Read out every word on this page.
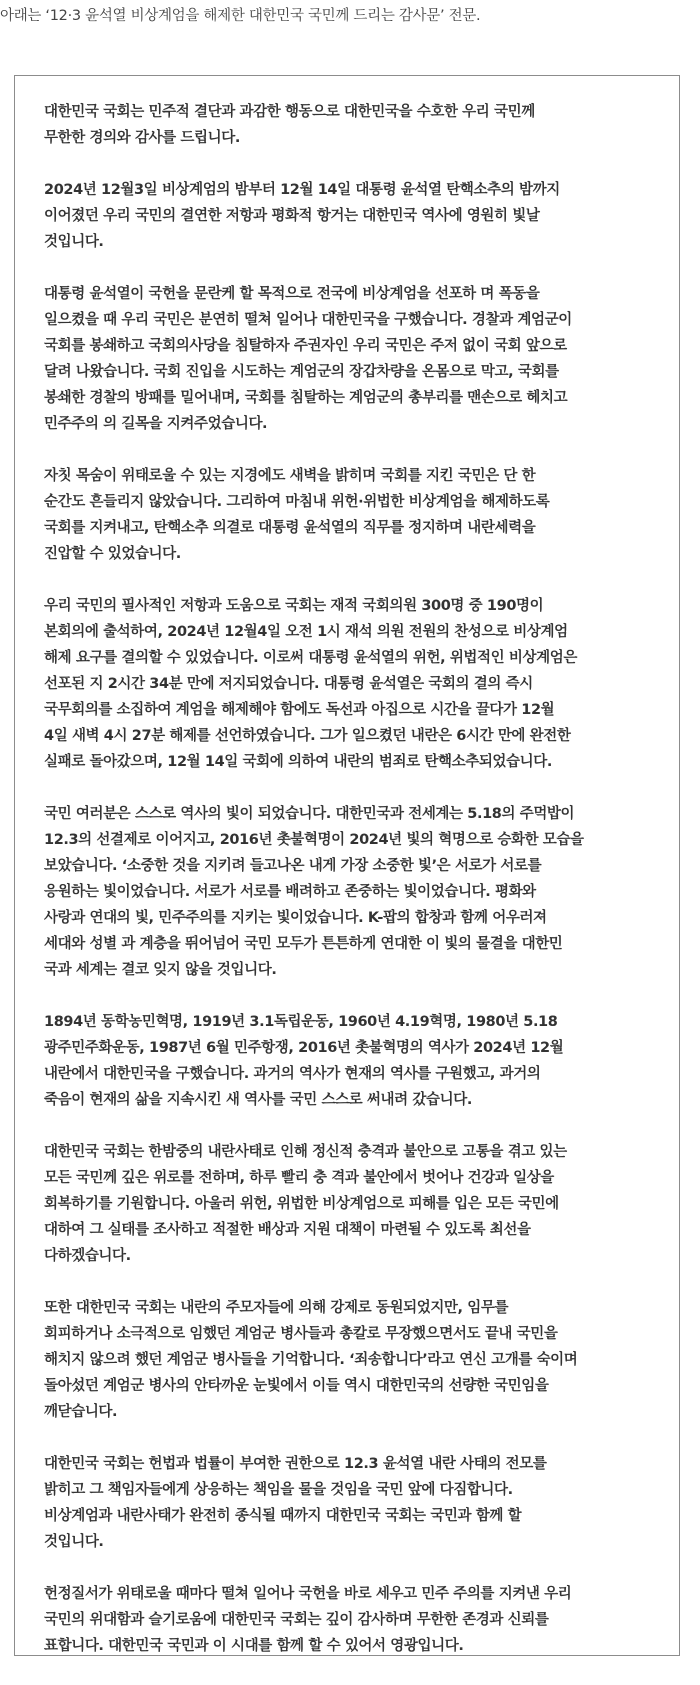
아래는 ‘12·3 윤석열 비상계엄을 해제한 대한민국 국민께 드리는 감사문’ 전문.

대한민국 국회는 민주적 결단과 과감한 행동으로 대한민국을 수호한 우리 국민께
무한한 경의와 감사를 드립니다.

2024년 12월3일 비상계엄의 밤부터 12월 14일 대통령 윤석열 탄핵소추의 밤까지
이어졌던 우리 국민의 결연한 저항과 평화적 항거는 대한민국 역사에 영원히 빛날
것입니다.

대통령 윤석열이 국헌을 문란케 할 목적으로 전국에 비상계엄을 선포하 며 폭동을
일으켰을 때 우리 국민은 분연히 떨쳐 일어나 대한민국을 구했습니다. 경찰과 계엄군이
국회를 봉쇄하고 국회의사당을 침탈하자 주권자인 우리 국민은 주저 없이 국회 앞으로
달려 나왔습니다. 국회 진입을 시도하는 계엄군의 장갑차량을 온몸으로 막고, 국회를
봉쇄한 경찰의 방패를 밀어내며, 국회를 침탈하는 계엄군의 총부리를 맨손으로 헤치고
민주주의 의 길목을 지켜주었습니다.

자칫 목숨이 위태로울 수 있는 지경에도 새벽을 밝히며 국회를 지킨 국민은 단 한
순간도 흔들리지 않았습니다. 그리하여 마침내 위헌·위법한 비상계엄을 해제하도록
국회를 지켜내고, 탄핵소추 의결로 대통령 윤석열의 직무를 정지하며 내란세력을
진압할 수 있었습니다.

우리 국민의 필사적인 저항과 도움으로 국회는 재적 국회의원 300명 중 190명이
본회의에 출석하여, 2024년 12월4일 오전 1시 재석 의원 전원의 찬성으로 비상계엄
해제 요구를 결의할 수 있었습니다. 이로써 대통령 윤석열의 위헌, 위법적인 비상계엄은
선포된 지 2시간 34분 만에 저지되었습니다. 대통령 윤석열은 국회의 결의 즉시
국무회의를 소집하여 계엄을 해제해야 함에도 독선과 아집으로 시간을 끌다가 12월
4일 새벽 4시 27분 해제를 선언하였습니다. 그가 일으켰던 내란은 6시간 만에 완전한
실패로 돌아갔으며, 12월 14일 국회에 의하여 내란의 범죄로 탄핵소추되었습니다.

국민 여러분은 스스로 역사의 빛이 되었습니다. 대한민국과 전세계는 5.18의 주먹밥이
12.3의 선결제로 이어지고, 2016년 촛불혁명이 2024년 빛의 혁명으로 승화한 모습을
보았습니다. ‘소중한 것을 지키려 들고나온 내게 가장 소중한 빛’은 서로가 서로를
응원하는 빛이었습니다. 서로가 서로를 배려하고 존중하는 빛이었습니다. 평화와
사랑과 연대의 빛, 민주주의를 지키는 빛이었습니다. K-팝의 합창과 함께 어우러져
세대와 성별 과 계층을 뛰어넘어 국민 모두가 튼튼하게 연대한 이 빛의 물결을 대한민
국과 세계는 결코 잊지 않을 것입니다.

1894년 동학농민혁명, 1919년 3.1독립운동, 1960년 4.19혁명, 1980년 5.18
광주민주화운동, 1987년 6월 민주항쟁, 2016년 촛불혁명의 역사가 2024년 12월
내란에서 대한민국을 구했습니다. 과거의 역사가 현재의 역사를 구원했고, 과거의
죽음이 현재의 삶을 지속시킨 새 역사를 국민 스스로 써내려 갔습니다.

대한민국 국회는 한밤중의 내란사태로 인해 정신적 충격과 불안으로 고통을 겪고 있는
모든 국민께 깊은 위로를 전하며, 하루 빨리 충 격과 불안에서 벗어나 건강과 일상을
회복하기를 기원합니다. 아울러 위헌, 위법한 비상계엄으로 피해를 입은 모든 국민에
대하여 그 실태를 조사하고 적절한 배상과 지원 대책이 마련될 수 있도록 최선을
다하겠습니다.

또한 대한민국 국회는 내란의 주모자들에 의해 강제로 동원되었지만, 임무를
회피하거나 소극적으로 임했던 계엄군 병사들과 총칼로 무장했으면서도 끝내 국민을
해치지 않으려 했던 계엄군 병사들을 기억합니다. ‘죄송합니다’라고 연신 고개를 숙이며
돌아섰던 계엄군 병사의 안타까운 눈빛에서 이들 역시 대한민국의 선량한 국민임을
깨닫습니다.

대한민국 국회는 헌법과 법률이 부여한 권한으로 12.3 윤석열 내란 사태의 전모를
밝히고 그 책임자들에게 상응하는 책임을 물을 것임을 국민 앞에 다짐합니다.
비상계엄과 내란사태가 완전히 종식될 때까지 대한민국 국회는 국민과 함께 할
것입니다.

헌정질서가 위태로울 때마다 떨쳐 일어나 국헌을 바로 세우고 민주 주의를 지켜낸 우리
국민의 위대함과 슬기로움에 대한민국 국회는 깊이 감사하며 무한한 존경과 신뢰를
표합니다. 대한민국 국민과 이 시대를 함께 할 수 있어서 영광입니다.
